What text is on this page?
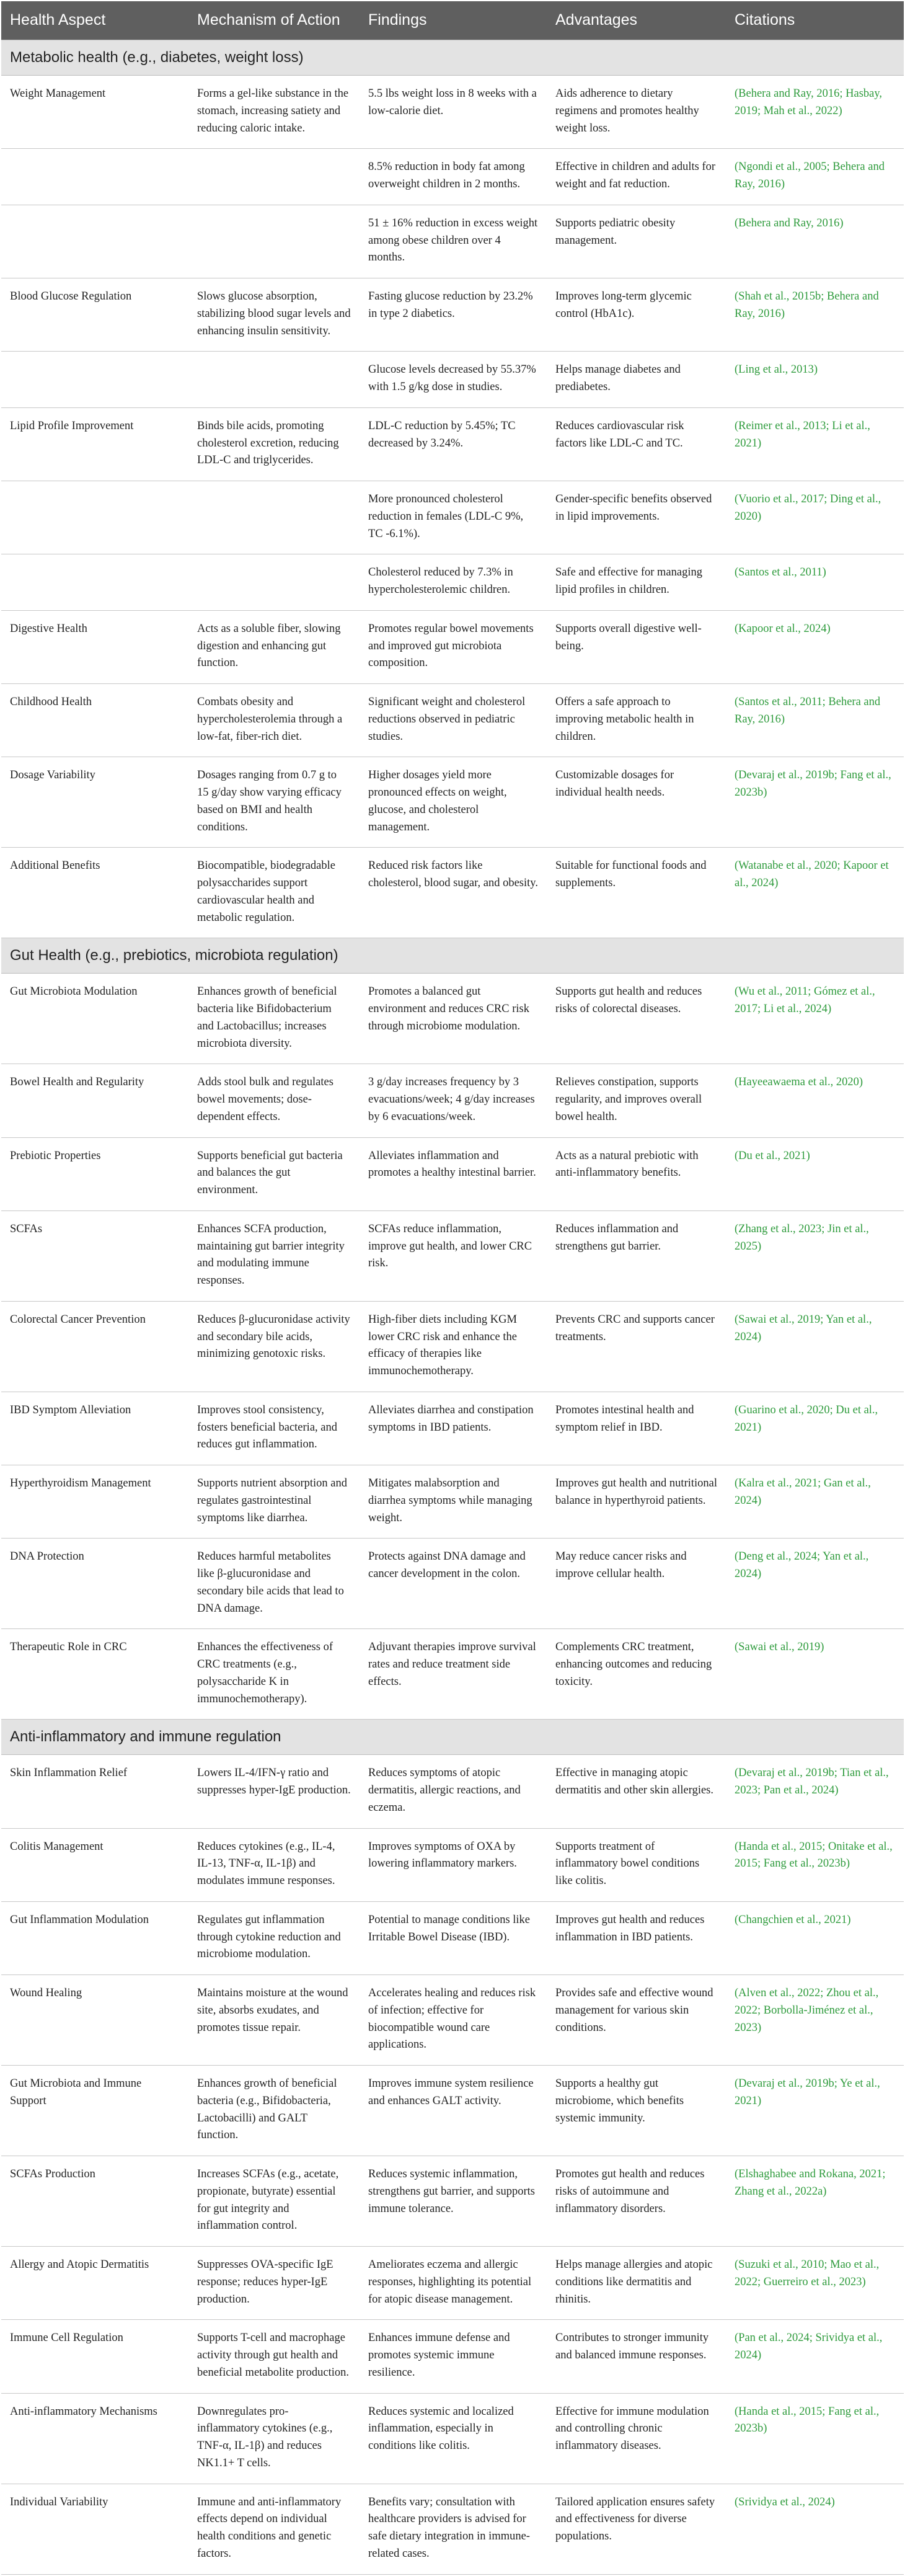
Health Aspect	Mechanism of Action	Findings	Advantages	Citations
Metabolic health (e.g., diabetes, weight loss)				
Weight Management	Forms a gel-like substance in the stomach, increasing satiety and reducing caloric intake.	5.5 lbs weight loss in 8 weeks with a low-calorie diet.	Aids adherence to dietary regimens and promotes healthy weight loss.	(Behera and Ray, 2016; Hasbay, 2019; Mah et al., 2022)
		8.5% reduction in body fat among overweight children in 2 months.	Effective in children and adults for weight and fat reduction.	(Ngondi et al., 2005; Behera and Ray, 2016)
		51 ± 16% reduction in excess weight among obese children over 4 months.	Supports pediatric obesity management.	(Behera and Ray, 2016)
Blood Glucose Regulation	Slows glucose absorption, stabilizing blood sugar levels and enhancing insulin sensitivity.	Fasting glucose reduction by 23.2% in type 2 diabetics.	Improves long-term glycemic control (HbA1c).	(Shah et al., 2015b; Behera and Ray, 2016)
		Glucose levels decreased by 55.37% with 1.5 g/kg dose in studies.	Helps manage diabetes and prediabetes.	(Ling et al., 2013)
Lipid Profile Improvement	Binds bile acids, promoting cholesterol excretion, reducing LDL-C and triglycerides.	LDL-C reduction by 5.45%; TC decreased by 3.24%.	Reduces cardiovascular risk factors like LDL-C and TC.	(Reimer et al., 2013; Li et al., 2021)
		More pronounced cholesterol reduction in females (LDL-C 9%, TC -6.1%).	Gender-specific benefits observed in lipid improvements.	(Vuorio et al., 2017; Ding et al., 2020)
		Cholesterol reduced by 7.3% in hypercholesterolemic children.	Safe and effective for managing lipid profiles in children.	(Santos et al., 2011)
Digestive Health	Acts as a soluble fiber, slowing digestion and enhancing gut function.	Promotes regular bowel movements and improved gut microbiota composition.	Supports overall digestive well-being.	(Kapoor et al., 2024)
Childhood Health	Combats obesity and hypercholesterolemia through a low-fat, fiber-rich diet.	Significant weight and cholesterol reductions observed in pediatric studies.	Offers a safe approach to improving metabolic health in children.	(Santos et al., 2011; Behera and Ray, 2016)
Dosage Variability	Dosages ranging from 0.7 g to 15 g/day show varying efficacy based on BMI and health conditions.	Higher dosages yield more pronounced effects on weight, glucose, and cholesterol management.	Customizable dosages for individual health needs.	(Devaraj et al., 2019b; Fang et al., 2023b)
Additional Benefits	Biocompatible, biodegradable polysaccharides support cardiovascular health and metabolic regulation.	Reduced risk factors like cholesterol, blood sugar, and obesity.	Suitable for functional foods and supplements.	(Watanabe et al., 2020; Kapoor et al., 2024)
Gut Health (e.g., prebiotics, microbiota regulation)				
Gut Microbiota Modulation	Enhances growth of beneficial bacteria like Bifidobacterium and Lactobacillus; increases microbiota diversity.	Promotes a balanced gut environment and reduces CRC risk through microbiome modulation.	Supports gut health and reduces risks of colorectal diseases.	(Wu et al., 2011; Gómez et al., 2017; Li et al., 2024)
Bowel Health and Regularity	Adds stool bulk and regulates bowel movements; dose-dependent effects.	3 g/day increases frequency by 3 evacuations/week; 4 g/day increases by 6 evacuations/week.	Relieves constipation, supports regularity, and improves overall bowel health.	(Hayeeawaema et al., 2020)
Prebiotic Properties	Supports beneficial gut bacteria and balances the gut environment.	Alleviates inflammation and promotes a healthy intestinal barrier.	Acts as a natural prebiotic with anti-inflammatory benefits.	(Du et al., 2021)
SCFAs	Enhances SCFA production, maintaining gut barrier integrity and modulating immune responses.	SCFAs reduce inflammation, improve gut health, and lower CRC risk.	Reduces inflammation and strengthens gut barrier.	(Zhang et al., 2023; Jin et al., 2025)
Colorectal Cancer Prevention	Reduces β-glucuronidase activity and secondary bile acids, minimizing genotoxic risks.	High-fiber diets including KGM lower CRC risk and enhance the efficacy of therapies like immunochemotherapy.	Prevents CRC and supports cancer treatments.	(Sawai et al., 2019; Yan et al., 2024)
IBD Symptom Alleviation	Improves stool consistency, fosters beneficial bacteria, and reduces gut inflammation.	Alleviates diarrhea and constipation symptoms in IBD patients.	Promotes intestinal health and symptom relief in IBD.	(Guarino et al., 2020; Du et al., 2021)
Hyperthyroidism Management	Supports nutrient absorption and regulates gastrointestinal symptoms like diarrhea.	Mitigates malabsorption and diarrhea symptoms while managing weight.	Improves gut health and nutritional balance in hyperthyroid patients.	(Kalra et al., 2021; Gan et al., 2024)
DNA Protection	Reduces harmful metabolites like β-glucuronidase and secondary bile acids that lead to DNA damage.	Protects against DNA damage and cancer development in the colon.	May reduce cancer risks and improve cellular health.	(Deng et al., 2024; Yan et al., 2024)
Therapeutic Role in CRC	Enhances the effectiveness of CRC treatments (e.g., polysaccharide K in immunochemotherapy).	Adjuvant therapies improve survival rates and reduce treatment side effects.	Complements CRC treatment, enhancing outcomes and reducing toxicity.	(Sawai et al., 2019)
Anti-inflammatory and immune regulation				
Skin Inflammation Relief	Lowers IL-4/IFN-γ ratio and suppresses hyper-IgE production.	Reduces symptoms of atopic dermatitis, allergic reactions, and eczema.	Effective in managing atopic dermatitis and other skin allergies.	(Devaraj et al., 2019b; Tian et al., 2023; Pan et al., 2024)
Colitis Management	Reduces cytokines (e.g., IL-4, IL-13, TNF-α, IL-1β) and modulates immune responses.	Improves symptoms of OXA by lowering inflammatory markers.	Supports treatment of inflammatory bowel conditions like colitis.	(Handa et al., 2015; Onitake et al., 2015; Fang et al., 2023b)
Gut Inflammation Modulation	Regulates gut inflammation through cytokine reduction and microbiome modulation.	Potential to manage conditions like Irritable Bowel Disease (IBD).	Improves gut health and reduces inflammation in IBD patients.	(Changchien et al., 2021)
Wound Healing	Maintains moisture at the wound site, absorbs exudates, and promotes tissue repair.	Accelerates healing and reduces risk of infection; effective for biocompatible wound care applications.	Provides safe and effective wound management for various skin conditions.	(Alven et al., 2022; Zhou et al., 2022; Borbolla-Jiménez et al., 2023)
Gut Microbiota and Immune Support	Enhances growth of beneficial bacteria (e.g., Bifidobacteria, Lactobacilli) and GALT function.	Improves immune system resilience and enhances GALT activity.	Supports a healthy gut microbiome, which benefits systemic immunity.	(Devaraj et al., 2019b; Ye et al., 2021)
SCFAs Production	Increases SCFAs (e.g., acetate, propionate, butyrate) essential for gut integrity and inflammation control.	Reduces systemic inflammation, strengthens gut barrier, and supports immune tolerance.	Promotes gut health and reduces risks of autoimmune and inflammatory disorders.	(Elshaghabee and Rokana, 2021; Zhang et al., 2022a)
Allergy and Atopic Dermatitis	Suppresses OVA-specific IgE response; reduces hyper-IgE production.	Ameliorates eczema and allergic responses, highlighting its potential for atopic disease management.	Helps manage allergies and atopic conditions like dermatitis and rhinitis.	(Suzuki et al., 2010; Mao et al., 2022; Guerreiro et al., 2023)
Immune Cell Regulation	Supports T-cell and macrophage activity through gut health and beneficial metabolite production.	Enhances immune defense and promotes systemic immune resilience.	Contributes to stronger immunity and balanced immune responses.	(Pan et al., 2024; Srividya et al., 2024)
Anti-inflammatory Mechanisms	Downregulates pro-inflammatory cytokines (e.g., TNF-α, IL-1β) and reduces NK1.1+ T cells.	Reduces systemic and localized inflammation, especially in conditions like colitis.	Effective for immune modulation and controlling chronic inflammatory diseases.	(Handa et al., 2015; Fang et al., 2023b)
Individual Variability	Immune and anti-inflammatory effects depend on individual health conditions and genetic factors.	Benefits vary; consultation with healthcare providers is advised for safe dietary integration in immune-related cases.	Tailored application ensures safety and effectiveness for diverse populations.	(Srividya et al., 2024)
